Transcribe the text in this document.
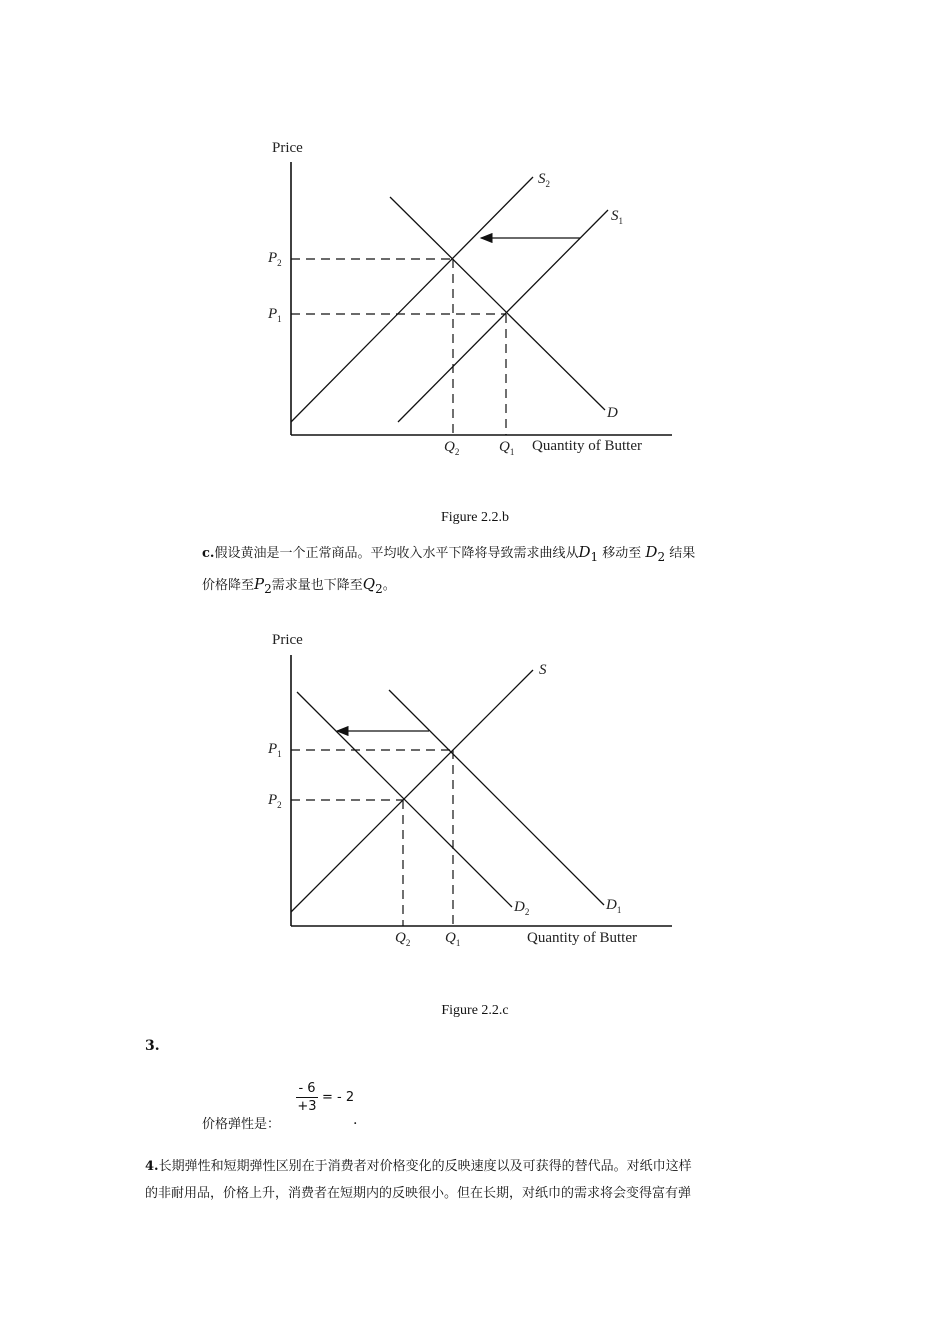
Price
Quantity of Butter
$S_2$
$S_1$
D
$P_2$
$P_1$
$Q_2$	$Q_1$
Figure 2.2.b
c.假设黄油是一个正常商品。平均收入水平下降将导致需求曲线从$D_1$ 移动至 $D_2$ 结果
价格降至$P_2$需求量也下降至$Q_2$。
Price
Quantity of Butter
S
$D_2$	$D_1$
$P_1$
$P_2$
$Q_2$ $Q_1$
Figure 2.2.c
3.
- 6
+3
= - 2
价格弹性是：	.
4.长期弹性和短期弹性区别在于消费者对价格变化的反映速度以及可获得的替代品。对纸巾这样
的非耐用品，价格上升，消费者在短期内的反映很小。但在长期，对纸巾的需求将会变得富有弹
